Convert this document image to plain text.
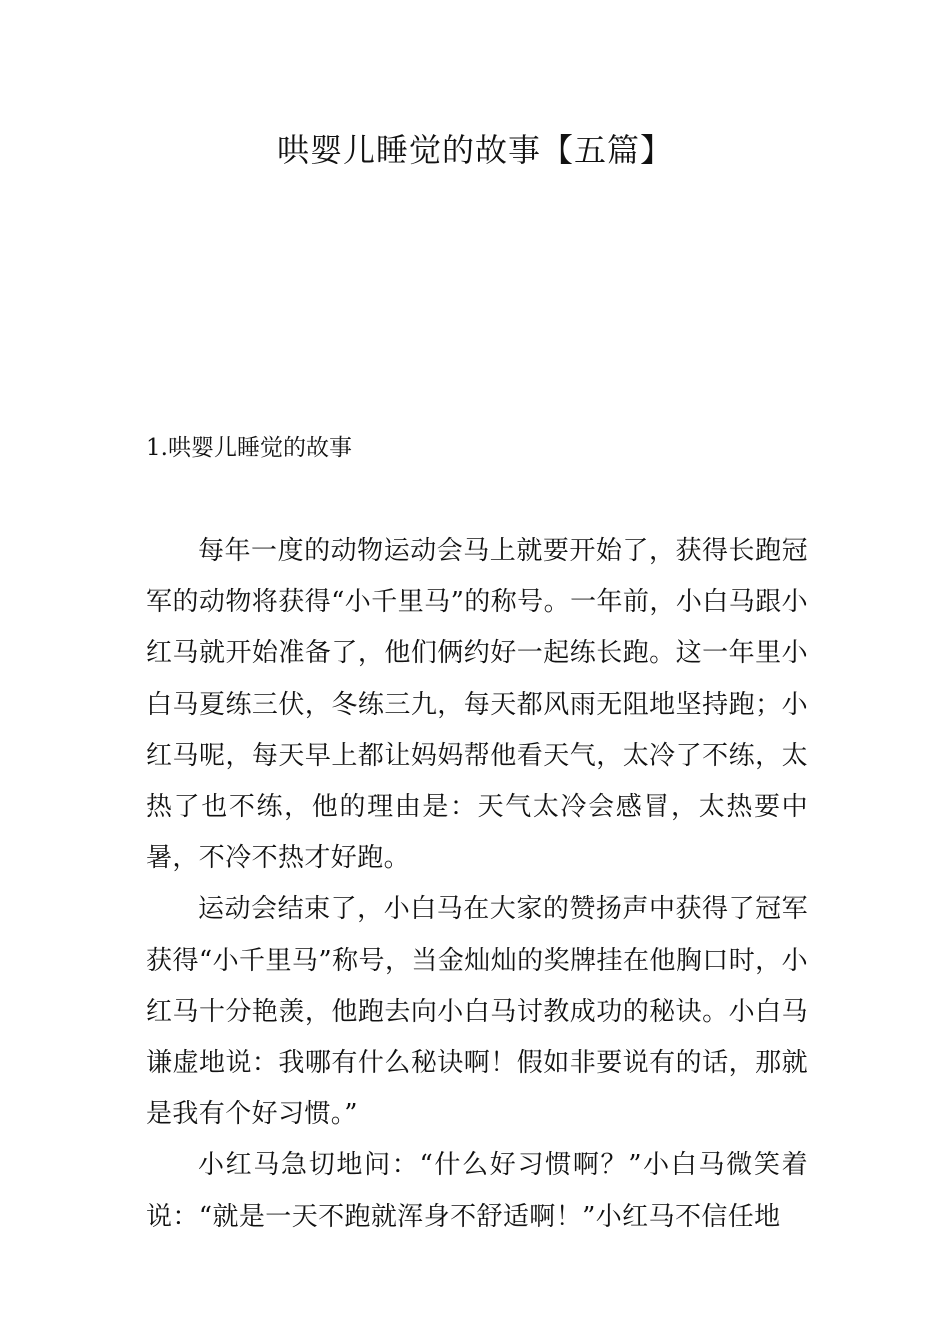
哄婴儿睡觉的故事【五篇】
1.哄婴儿睡觉的故事

每年一度的动物运动会马上就要开始了，获得长跑冠军的动物将获得“小千里马”的称号。一年前，小白马跟小红马就开始准备了，他们俩约好一起练长跑。这一年里小白马夏练三伏，冬练三九，每天都风雨无阻地坚持跑；小红马呢，每天早上都让妈妈帮他看天气，太冷了不练，太热了也不练，他的理由是：天气太冷会感冒，太热要中暑，不冷不热才好跑。

运动会结束了，小白马在大家的赞扬声中获得了冠军获得“小千里马”称号，当金灿灿的奖牌挂在他胸口时，小红马十分艳羡，他跑去向小白马讨教成功的秘诀。小白马谦虚地说：我哪有什么秘诀啊！假如非要说有的话，那就是我有个好习惯。”

小红马急切地问：“什么好习惯啊？”小白马微笑着说：“就是一天不跑就浑身不舒适啊！”小红马不信任地
